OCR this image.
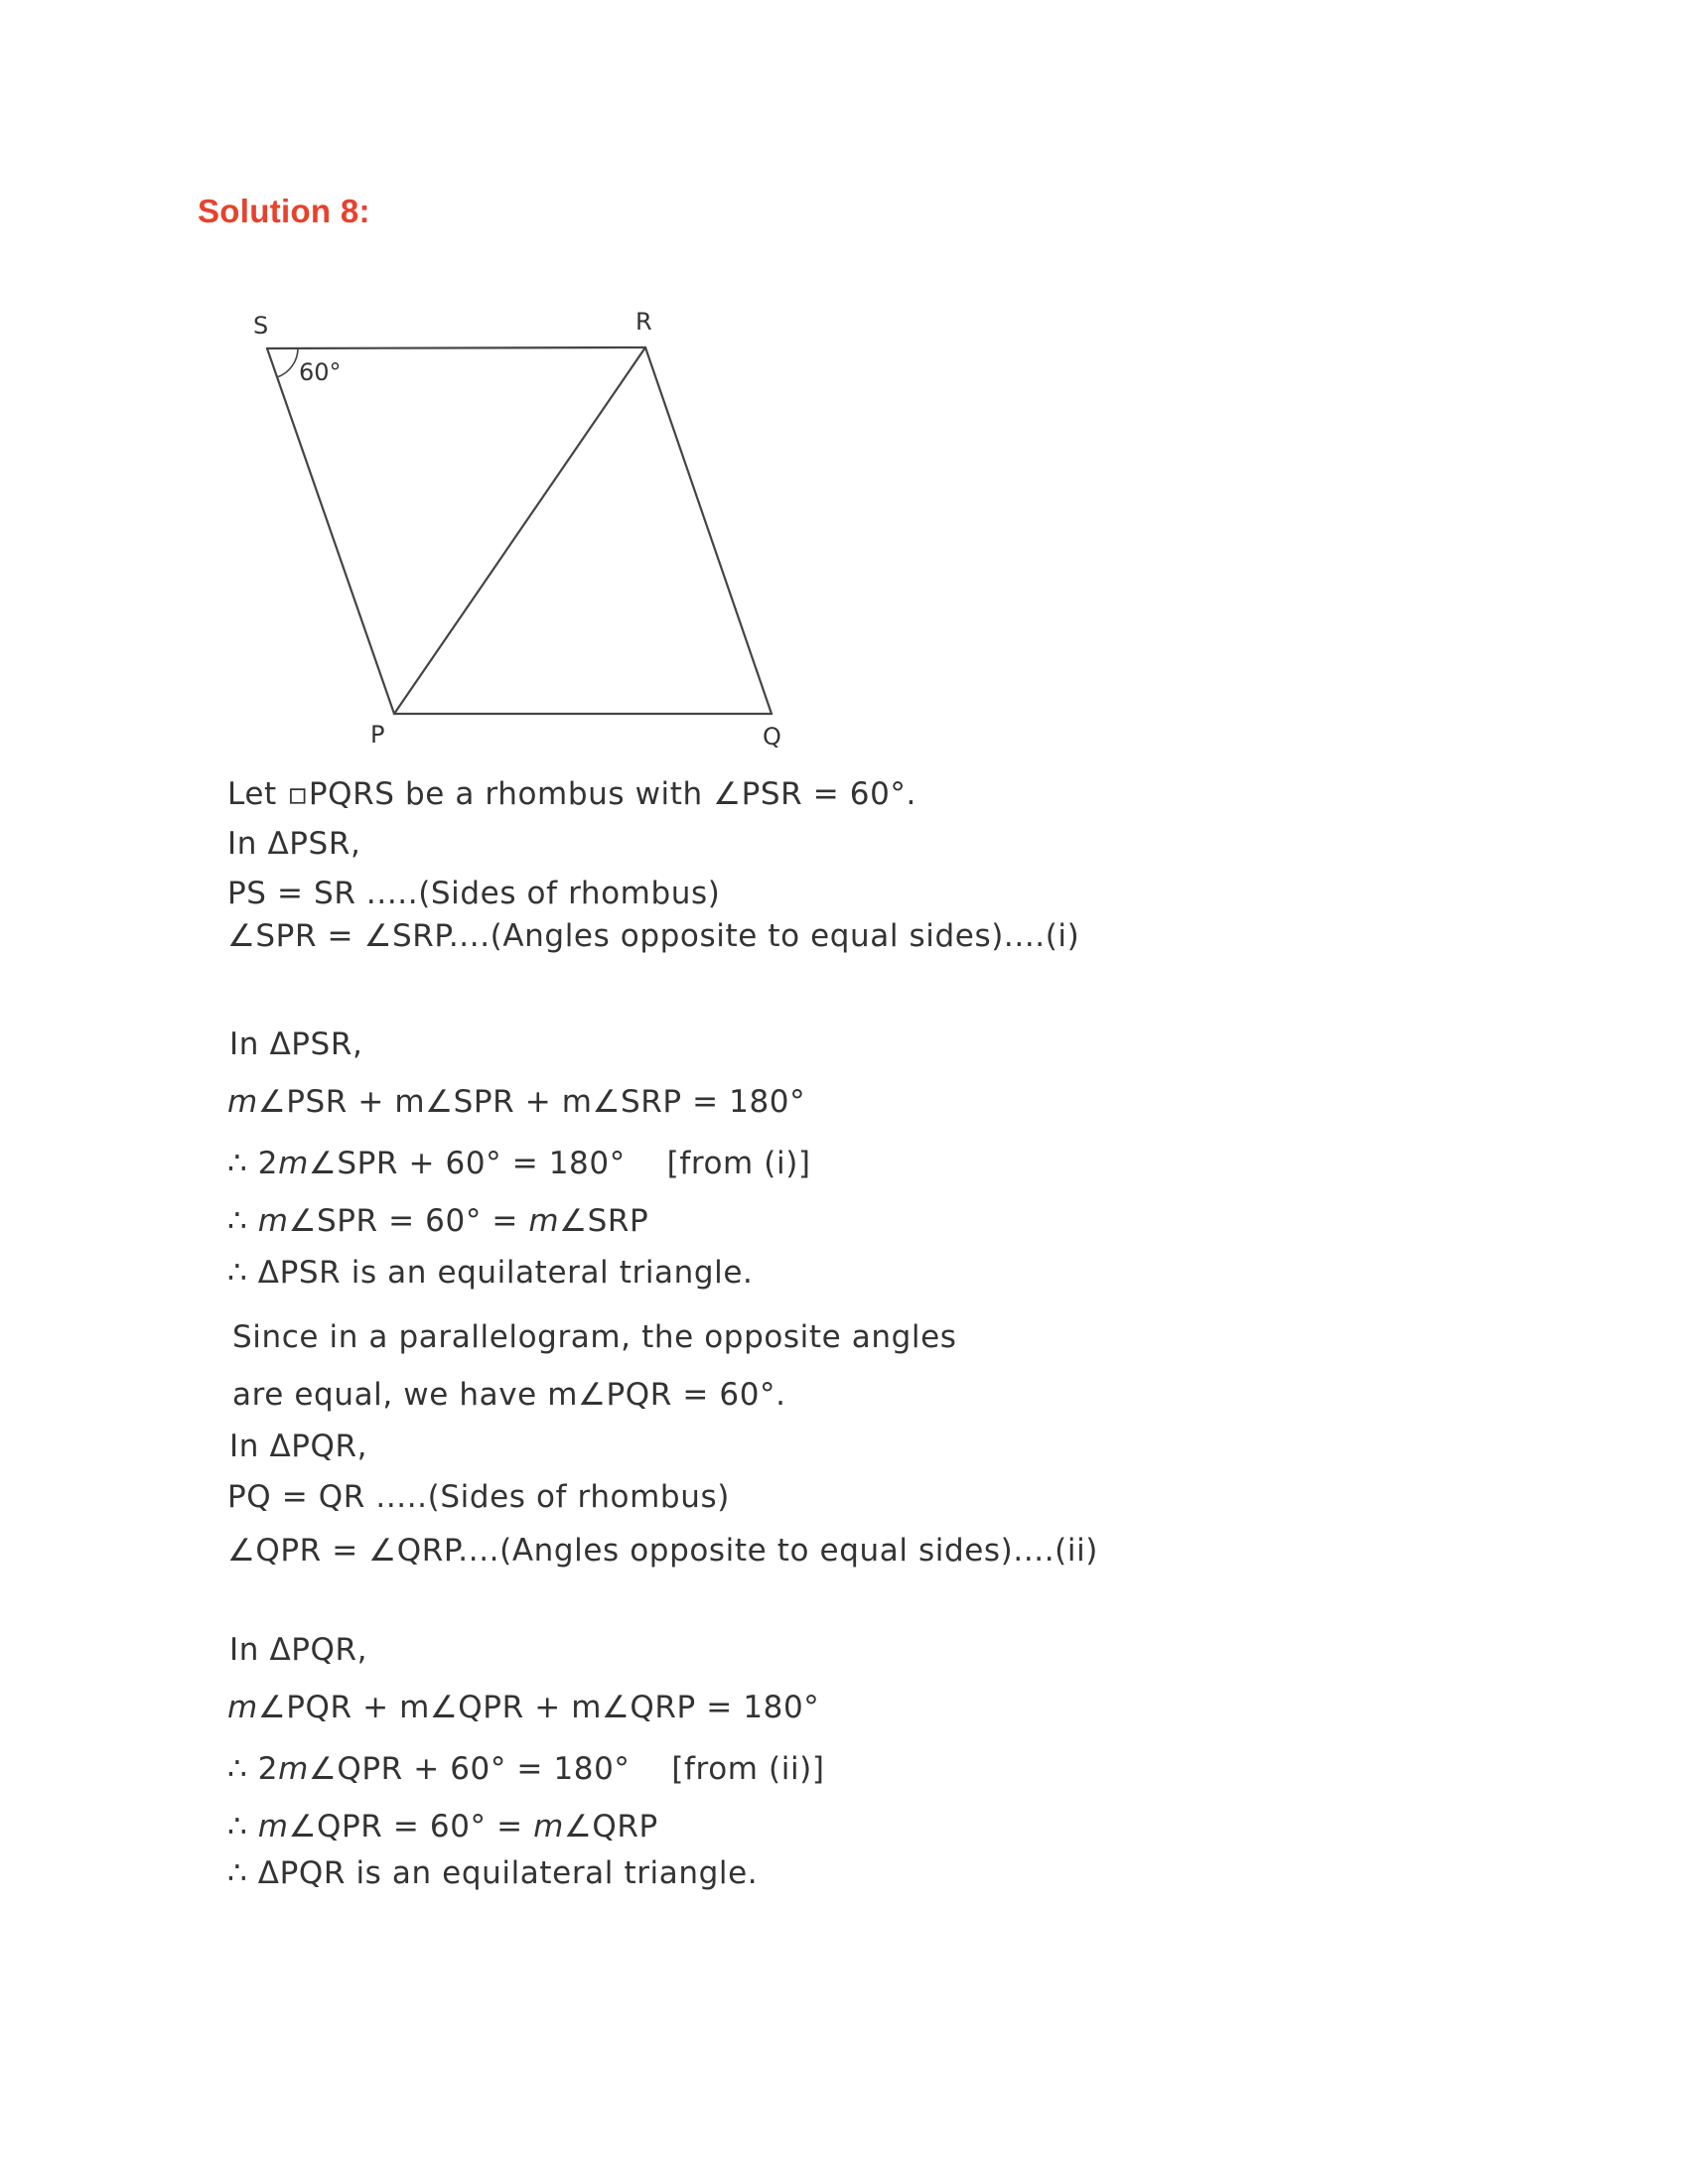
Solution 8:
S	R
P	Q
60°
Let ▫PQRS be a rhombus with ∠PSR = 60°.
In ΔPSR,
PS = SR .....(Sides of rhombus)
∠SPR = ∠SRP....(Angles opposite to equal sides)....(i)
In ΔPSR,
m∠PSR + m∠SPR + m∠SRP = 180°
∴ 2m∠SPR + 60° = 180°    [from (i)]
∴ m∠SPR = 60° = m∠SRP
∴ ΔPSR is an equilateral triangle.
Since in a parallelogram, the opposite angles
are equal, we have m∠PQR = 60°.
In ΔPQR,
PQ = QR .....(Sides of rhombus)
∠QPR = ∠QRP....(Angles opposite to equal sides)....(ii)
In ΔPQR,
m∠PQR + m∠QPR + m∠QRP = 180°
∴ 2m∠QPR + 60° = 180°    [from (ii)]
∴ m∠QPR = 60° = m∠QRP
∴ ΔPQR is an equilateral triangle.
